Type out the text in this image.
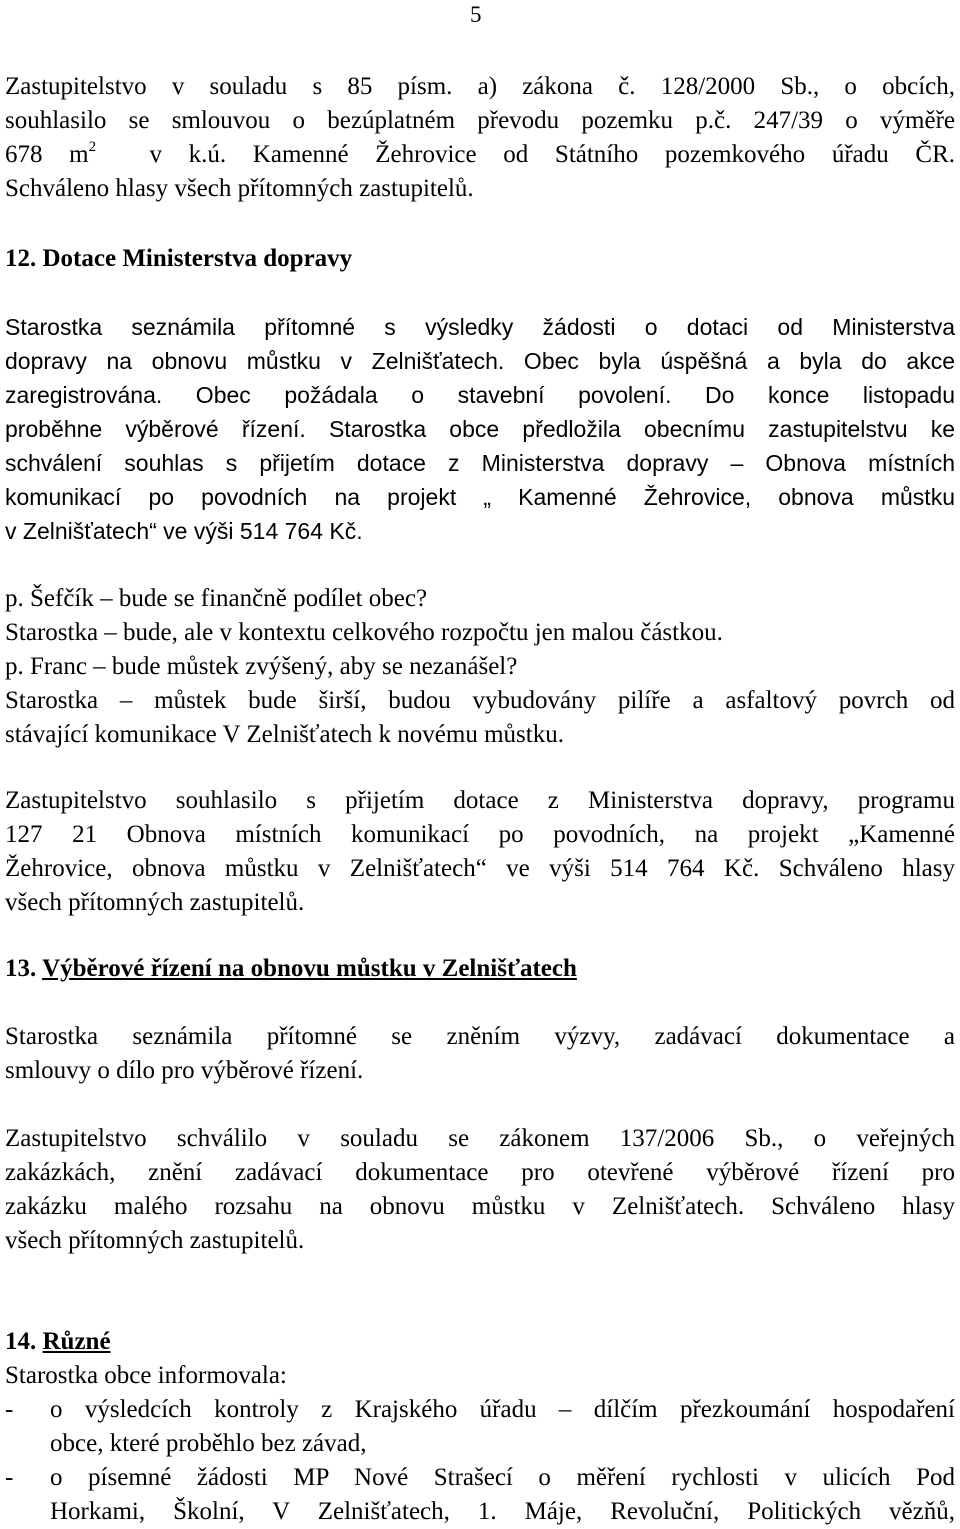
5
Zastupitelstvo v souladu s 85 písm. a) zákona č. 128/2000 Sb., o obcích,
souhlasilo se smlouvou o bezúplatném převodu pozemku p.č. 247/39 o výměře
678 $m^2$ v k.ú. Kamenné Žehrovice od Státního pozemkového úřadu ČR.
Schváleno hlasy všech přítomných zastupitelů.
12. Dotace Ministerstva dopravy
Starostka seznámila přítomné s výsledky žádosti o dotaci od Ministerstva
dopravy na obnovu můstku v Zelnišťatech. Obec byla úspěšná a byla do akce
zaregistrována. Obec požádala o stavební povolení. Do konce listopadu
proběhne výběrové řízení. Starostka obce předložila obecnímu zastupitelstvu ke
schválení souhlas s přijetím dotace z Ministerstva dopravy – Obnova místních
komunikací po povodních na projekt „ Kamenné Žehrovice, obnova můstku
v Zelnišťatech“ ve výši 514 764 Kč.
p. Šefčík – bude se finančně podílet obec?
Starostka – bude, ale v kontextu celkového rozpočtu jen malou částkou.
p. Franc – bude můstek zvýšený, aby se nezanášel?
Starostka – můstek bude širší, budou vybudovány pilíře a asfaltový povrch od
stávající komunikace V Zelnišťatech k novému můstku.
Zastupitelstvo souhlasilo s přijetím dotace z Ministerstva dopravy, programu
127 21 Obnova místních komunikací po povodních, na projekt „Kamenné
Žehrovice, obnova můstku v Zelnišťatech“ ve výši 514 764 Kč. Schváleno hlasy
všech přítomných zastupitelů.
13. Výběrové řízení na obnovu můstku v Zelnišťatech
Starostka seznámila přítomné se zněním výzvy, zadávací dokumentace a
smlouvy o dílo pro výběrové řízení.
Zastupitelstvo schválilo v souladu se zákonem 137/2006 Sb., o veřejných
zakázkách, znění zadávací dokumentace pro otevřené výběrové řízení pro
zakázku malého rozsahu na obnovu můstku v Zelnišťatech. Schváleno hlasy
všech přítomných zastupitelů.
14. Různé
Starostka obce informovala:
- o výsledcích kontroly z Krajského úřadu – dílčím přezkoumání hospodaření
obce, které proběhlo bez závad,
- o písemné žádosti MP Nové Strašecí o měření rychlosti v ulicích Pod
Horkami, Školní, V Zelnišťatech, 1. Máje, Revoluční, Politických vězňů,
